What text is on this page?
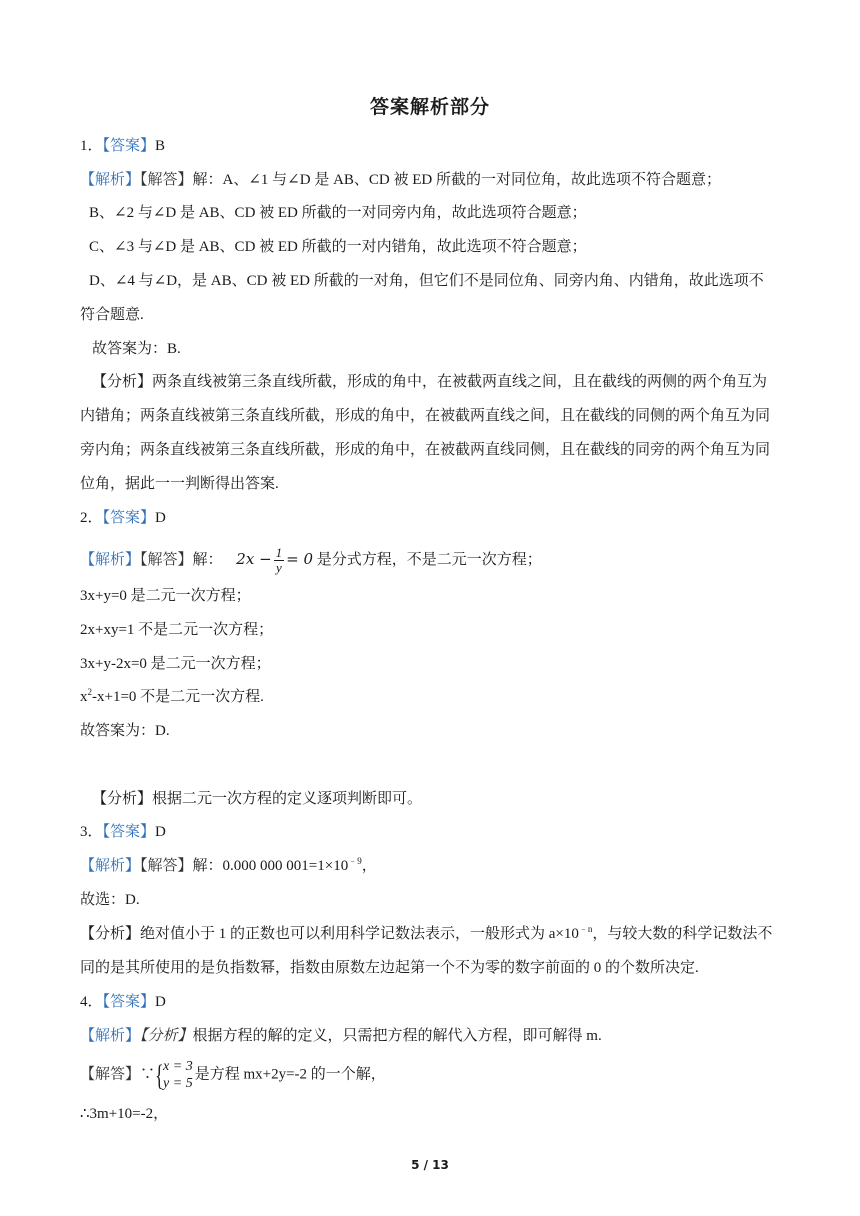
答案解析部分
1．【答案】B
【解析】【解答】解：A、∠1 与∠D 是 AB、CD 被 ED 所截的一对同位角，故此选项不符合题意；
B、∠2 与∠D 是 AB、CD 被 ED 所截的一对同旁内角，故此选项符合题意；
C、∠3 与∠D 是 AB、CD 被 ED 所截的一对内错角，故此选项不符合题意；
D、∠4 与∠D，是 AB、CD 被 ED 所截的一对角，但它们不是同位角、同旁内角、内错角，故此选项不
符合题意.
故答案为：B.
【分析】两条直线被第三条直线所截，形成的角中，在被截两直线之间，且在截线的两侧的两个角互为
内错角；两条直线被第三条直线所截，形成的角中，在被截两直线之间，且在截线的同侧的两个角互为同
旁内角；两条直线被第三条直线所截，形成的角中，在被截两直线同侧，且在截线的同旁的两个角互为同
位角，据此一一判断得出答案.
2．【答案】D
【解析】【解答】解： $2x - \frac{1}{y} = 0$ 是分式方程，不是二元一次方程；
3x+y=0 是二元一次方程；
2x+xy=1 不是二元一次方程；
3x+y-2x=0 是二元一次方程；
$x^2-x+1=0$ 不是二元一次方程.
故答案为：D.
【分析】根据二元一次方程的定义逐项判断即可。
3．【答案】D
【解析】【解答】解：0.000 000 $001=1\times 10^{﹣9}$，
故选：D.
【分析】绝对值小于 1 的正数也可以利用科学记数法表示，一般形式为 $a\times 10^{﹣n}$，与较大数的科学记数法不
同的是其所使用的是负指数幂，指数由原数左边起第一个不为零的数字前面的 0 的个数所决定.
4．【答案】D
【解析】【分析】根据方程的解的定义，只需把方程的解代入方程，即可解得 m.
【解答】∵ { x = 3
y = 5
是方程 mx+2y=-2 的一个解，
∴3m+10=-2，
5 / 13
